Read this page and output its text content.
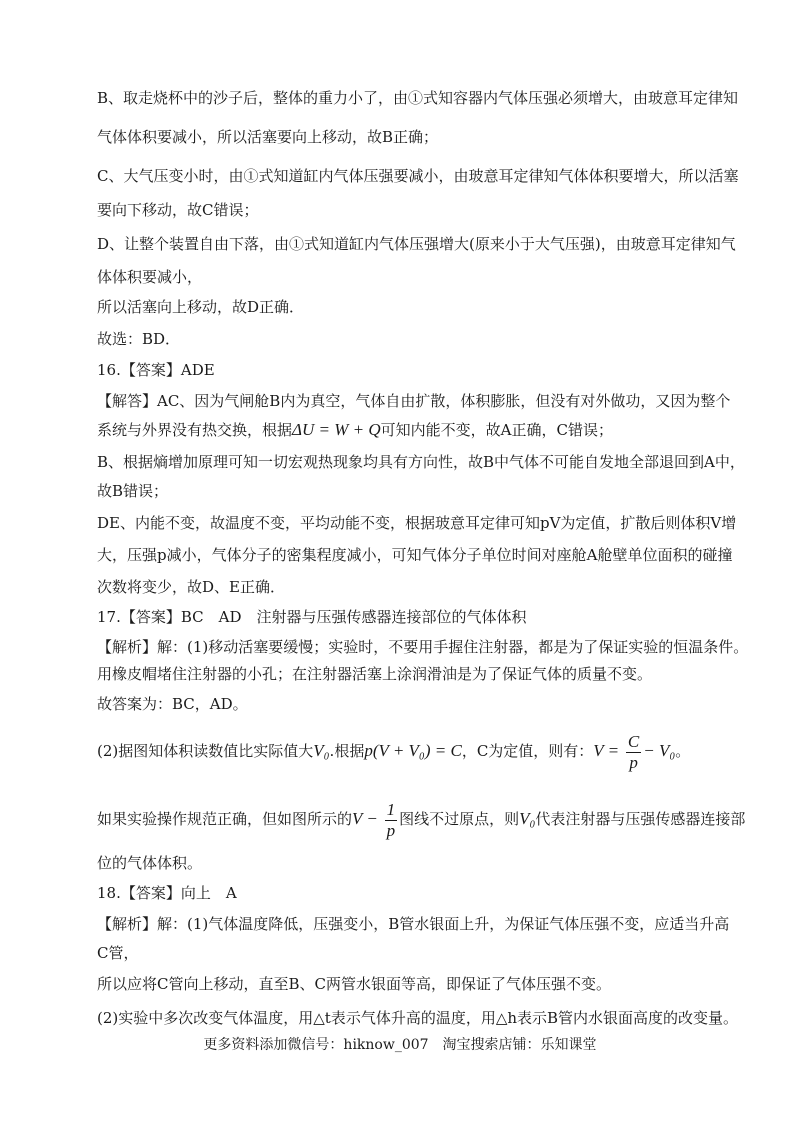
B、取走烧杯中的沙子后，整体的重力小了，由①式知容器内气体压强必须增大，由玻意耳定律知
气体体积要减小，所以活塞要向上移动，故B正确；
C、大气压变小时，由①式知道缸内气体压强要减小，由玻意耳定律知气体体积要增大，所以活塞
要向下移动，故C错误；
D、让整个装置自由下落，由①式知道缸内气体压强增大(原来小于大气压强)，由玻意耳定律知气
体体积要减小，
所以活塞向上移动，故D正确．
故选：BD．
16.【答案】ADE
【解答】AC、因为气闸舱B内为真空，气体自由扩散，体积膨胀，但没有对外做功，又因为整个
系统与外界没有热交换，根据ΔU = W + Q可知内能不变，故A正确，C错误；
B、根据熵增加原理可知一切宏观热现象均具有方向性，故B中气体不可能自发地全部退回到A中，
故B错误；
DE、内能不变，故温度不变，平均动能不变，根据玻意耳定律可知pV为定值，扩散后则体积V增
大，压强p减小，气体分子的密集程度减小，可知气体分子单位时间对座舱A舱壁单位面积的碰撞
次数将变少，故D、E正确．
17.【答案】BC　AD　注射器与压强传感器连接部位的气体体积
【解析】解：(1)移动活塞要缓慢；实验时，不要用手握住注射器，都是为了保证实验的恒温条件。
用橡皮帽堵住注射器的小孔；在注射器活塞上涂润滑油是为了保证气体的质量不变。
故答案为：BC，AD。
(2)据图知体积读数值比实际值大V₀.根据p(V + V₀) = C，C为定值，则有：$V = \frac{C}{p} - V_0$。
如果实验操作规范正确，但如图所示的$V - \frac{1}{p}$ 图线不过原点，则V₀代表注射器与压强传感器连接部
位的气体体积。
18.【答案】向上　A
【解析】解：(1)气体温度降低，压强变小，B管水银面上升，为保证气体压强不变，应适当升高
C管，
所以应将C管向上移动，直至B、C两管水银面等高，即保证了气体压强不变。
(2)实验中多次改变气体温度，用△t表示气体升高的温度，用△h表示B管内水银面高度的改变量。
更多资料添加微信号：hiknow_007　淘宝搜索店铺：乐知课堂
